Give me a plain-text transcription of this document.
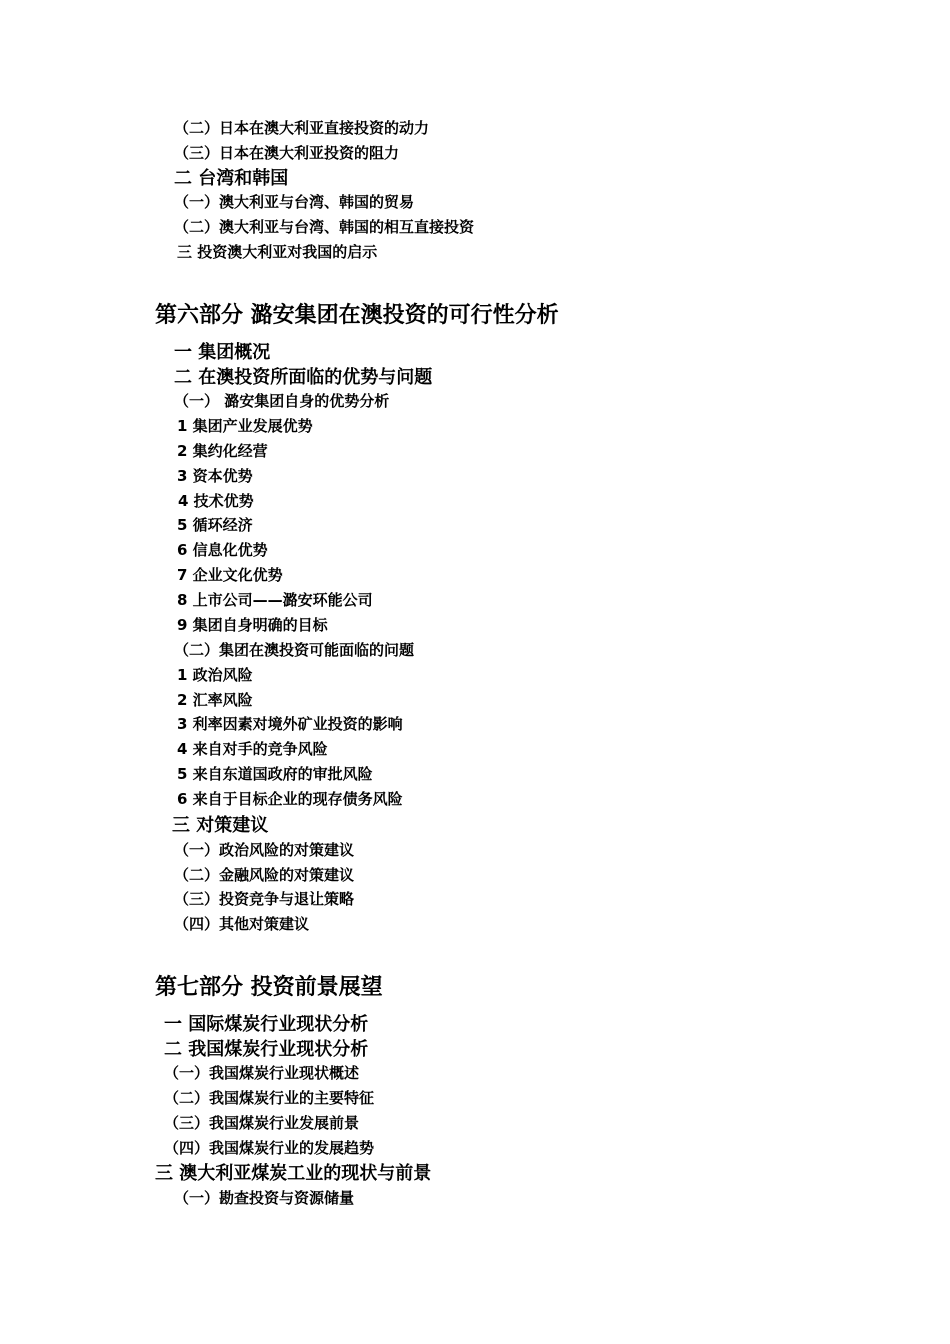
（二）日本在澳大利亚直接投资的动力
（三）日本在澳大利亚投资的阻力
二 台湾和韩国
（一）澳大利亚与台湾、韩国的贸易
（二）澳大利亚与台湾、韩国的相互直接投资
三 投资澳大利亚对我国的启示
第六部分 潞安集团在澳投资的可行性分析
一 集团概况
二 在澳投资所面临的优势与问题
（一） 潞安集团自身的优势分析
1 集团产业发展优势
2 集约化经营
3 资本优势
4 技术优势
5 循环经济
6 信息化优势
7 企业文化优势
8 上市公司——潞安环能公司
9 集团自身明确的目标
（二）集团在澳投资可能面临的问题
1 政治风险
2 汇率风险
3 利率因素对境外矿业投资的影响
4 来自对手的竞争风险
5 来自东道国政府的审批风险
6 来自于目标企业的现存债务风险
三 对策建议
（一）政治风险的对策建议
（二）金融风险的对策建议
（三）投资竞争与退让策略
（四）其他对策建议
第七部分 投资前景展望
一 国际煤炭行业现状分析
二 我国煤炭行业现状分析
（一）我国煤炭行业现状概述
（二）我国煤炭行业的主要特征
（三）我国煤炭行业发展前景
（四）我国煤炭行业的发展趋势
三 澳大利亚煤炭工业的现状与前景
（一）勘查投资与资源储量
